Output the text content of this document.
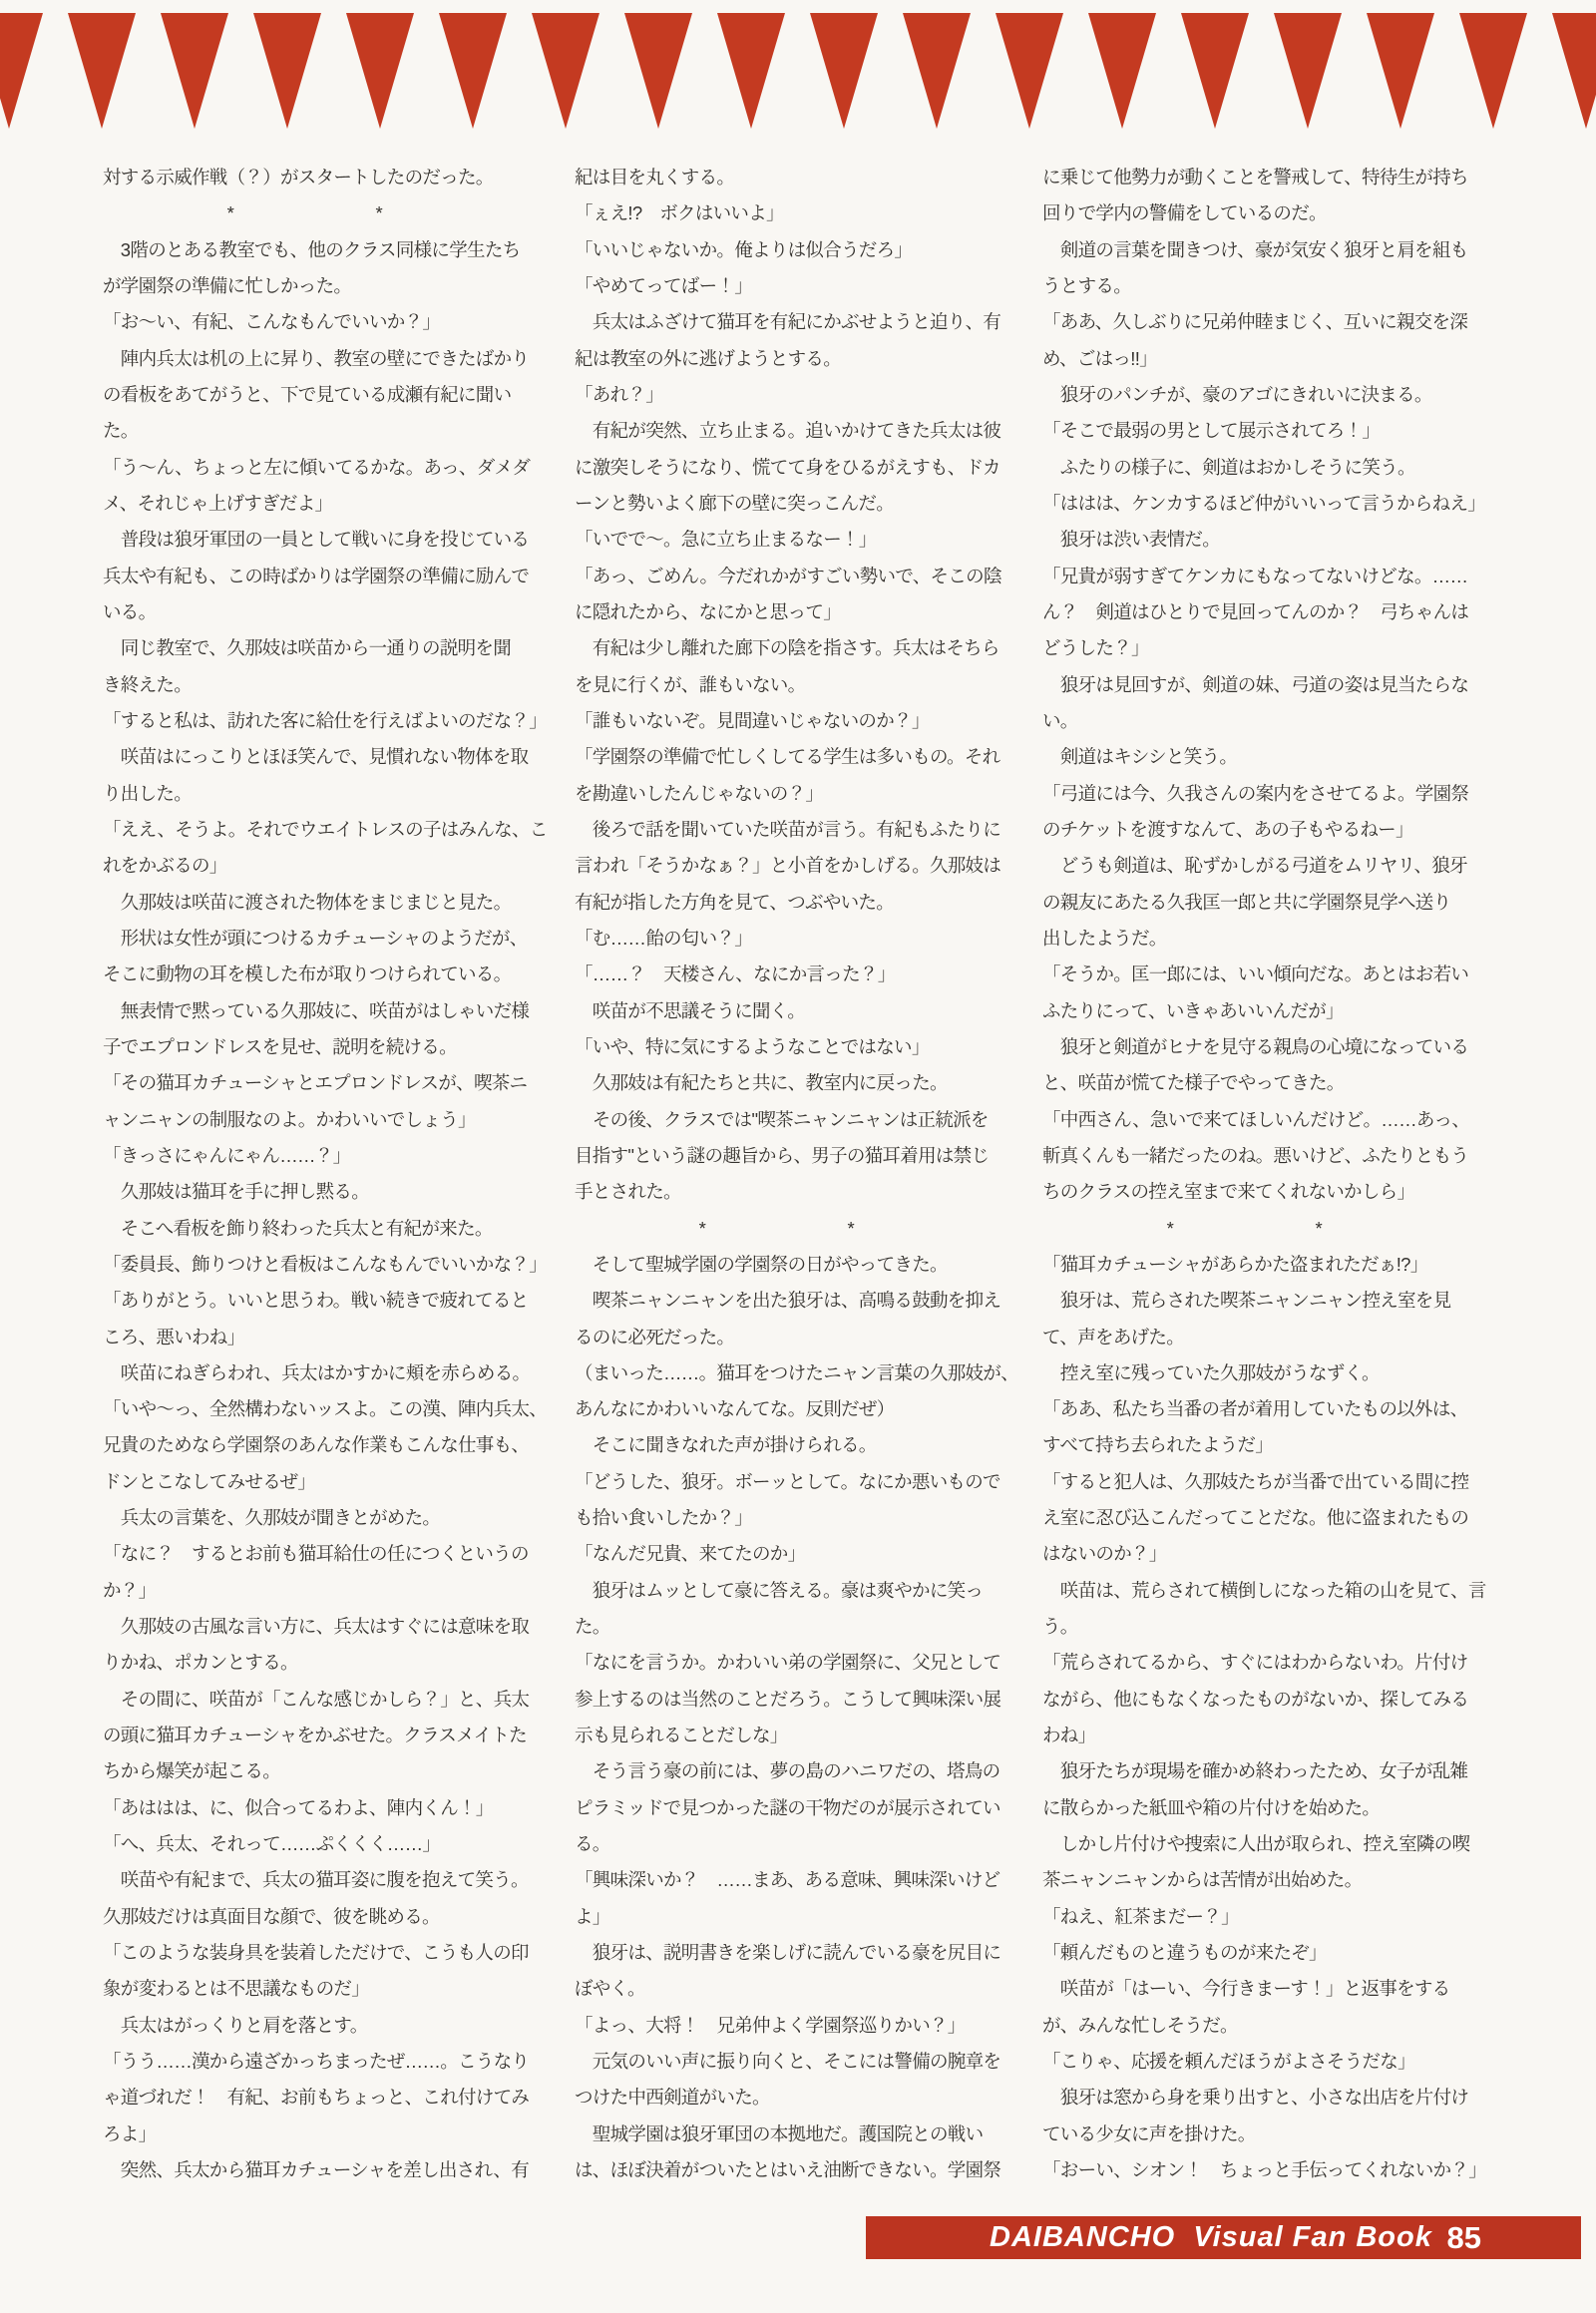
対する示威作戦（？）がスタートしたのだった。
　　　　　　　*　　　　　　　　*
　3階のとある教室でも、他のクラス同様に学生たち
が学園祭の準備に忙しかった。
「お〜い、有紀、こんなもんでいいか？」
　陣内兵太は机の上に昇り、教室の壁にできたばかり
の看板をあてがうと、下で見ている成瀬有紀に聞い
た。
「う〜ん、ちょっと左に傾いてるかな。あっ、ダメダ
メ、それじゃ上げすぎだよ」
　普段は狼牙軍団の一員として戦いに身を投じている
兵太や有紀も、この時ばかりは学園祭の準備に励んで
いる。
　同じ教室で、久那妓は咲苗から一通りの説明を聞
き終えた。
「すると私は、訪れた客に給仕を行えばよいのだな？」
　咲苗はにっこりとほほ笑んで、見慣れない物体を取
り出した。
「ええ、そうよ。それでウエイトレスの子はみんな、こ
れをかぶるの」
　久那妓は咲苗に渡された物体をまじまじと見た。
　形状は女性が頭につけるカチューシャのようだが、
そこに動物の耳を模した布が取りつけられている。
　無表情で黙っている久那妓に、咲苗がはしゃいだ様
子でエプロンドレスを見せ、説明を続ける。
「その猫耳カチューシャとエプロンドレスが、喫茶ニ
ャンニャンの制服なのよ。かわいいでしょう」
「きっさにゃんにゃん……？」
　久那妓は猫耳を手に押し黙る。
　そこへ看板を飾り終わった兵太と有紀が来た。
「委員長、飾りつけと看板はこんなもんでいいかな？」
「ありがとう。いいと思うわ。戦い続きで疲れてると
ころ、悪いわね」
　咲苗にねぎらわれ、兵太はかすかに頬を赤らめる。
「いや〜っ、全然構わないッスよ。この漢、陣内兵太、
兄貴のためなら学園祭のあんな作業もこんな仕事も、
ドンとこなしてみせるぜ」
　兵太の言葉を、久那妓が聞きとがめた。
「なに？　するとお前も猫耳給仕の任につくというの
か？」
　久那妓の古風な言い方に、兵太はすぐには意味を取
りかね、ポカンとする。
　その間に、咲苗が「こんな感じかしら？」と、兵太
の頭に猫耳カチューシャをかぶせた。クラスメイトた
ちから爆笑が起こる。
「あははは、に、似合ってるわよ、陣内くん！」
「へ、兵太、それって……ぷくくく……」
　咲苗や有紀まで、兵太の猫耳姿に腹を抱えて笑う。
久那妓だけは真面目な顔で、彼を眺める。
「このような装身具を装着しただけで、こうも人の印
象が変わるとは不思議なものだ」
　兵太はがっくりと肩を落とす。
「うう……漢から遠ざかっちまったぜ……。こうなり
ゃ道づれだ！　有紀、お前もちょっと、これ付けてみ
ろよ」
　突然、兵太から猫耳カチューシャを差し出され、有
紀は目を丸くする。
「ぇえ!?　ボクはいいよ」
「いいじゃないか。俺よりは似合うだろ」
「やめてってばー！」
　兵太はふざけて猫耳を有紀にかぶせようと迫り、有
紀は教室の外に逃げようとする。
「あれ？」
　有紀が突然、立ち止まる。追いかけてきた兵太は彼
に激突しそうになり、慌てて身をひるがえすも、ドカ
ーンと勢いよく廊下の壁に突っこんだ。
「いでで〜。急に立ち止まるなー！」
「あっ、ごめん。今だれかがすごい勢いで、そこの陰
に隠れたから、なにかと思って」
　有紀は少し離れた廊下の陰を指さす。兵太はそちら
を見に行くが、誰もいない。
「誰もいないぞ。見間違いじゃないのか？」
「学園祭の準備で忙しくしてる学生は多いもの。それ
を勘違いしたんじゃないの？」
　後ろで話を聞いていた咲苗が言う。有紀もふたりに
言われ「そうかなぁ？」と小首をかしげる。久那妓は
有紀が指した方角を見て、つぶやいた。
「む……飴の匂い？」
「……？　天楼さん、なにか言った？」
　咲苗が不思議そうに聞く。
「いや、特に気にするようなことではない」
　久那妓は有紀たちと共に、教室内に戻った。
　その後、クラスでは"喫茶ニャンニャンは正統派を
目指す"という謎の趣旨から、男子の猫耳着用は禁じ
手とされた。
　　　　　　　*　　　　　　　　*
　そして聖城学園の学園祭の日がやってきた。
　喫茶ニャンニャンを出た狼牙は、高鳴る鼓動を抑え
るのに必死だった。
（まいった……。猫耳をつけたニャン言葉の久那妓が、
あんなにかわいいなんてな。反則だぜ）
　そこに聞きなれた声が掛けられる。
「どうした、狼牙。ボーッとして。なにか悪いもので
も拾い食いしたか？」
「なんだ兄貴、来てたのか」
　狼牙はムッとして豪に答える。豪は爽やかに笑っ
た。
「なにを言うか。かわいい弟の学園祭に、父兄として
参上するのは当然のことだろう。こうして興味深い展
示も見られることだしな」
　そう言う豪の前には、夢の島のハニワだの、塔鳥の
ピラミッドで見つかった謎の干物だのが展示されてい
る。
「興味深いか？　……まあ、ある意味、興味深いけど
よ」
　狼牙は、説明書きを楽しげに読んでいる豪を尻目に
ぼやく。
「よっ、大将！　兄弟仲よく学園祭巡りかい？」
　元気のいい声に振り向くと、そこには警備の腕章を
つけた中西剣道がいた。
　聖城学園は狼牙軍団の本拠地だ。護国院との戦い
は、ほぼ決着がついたとはいえ油断できない。学園祭
に乗じて他勢力が動くことを警戒して、特待生が持ち
回りで学内の警備をしているのだ。
　剣道の言葉を聞きつけ、豪が気安く狼牙と肩を組も
うとする。
「ああ、久しぶりに兄弟仲睦まじく、互いに親交を深
め、ごはっ!!」
　狼牙のパンチが、豪のアゴにきれいに決まる。
「そこで最弱の男として展示されてろ！」
　ふたりの様子に、剣道はおかしそうに笑う。
「ははは、ケンカするほど仲がいいって言うからねえ」
　狼牙は渋い表情だ。
「兄貴が弱すぎてケンカにもなってないけどな。……
ん？　剣道はひとりで見回ってんのか？　弓ちゃんは
どうした？」
　狼牙は見回すが、剣道の妹、弓道の姿は見当たらな
い。
　剣道はキシシと笑う。
「弓道には今、久我さんの案内をさせてるよ。学園祭
のチケットを渡すなんて、あの子もやるねー」
　どうも剣道は、恥ずかしがる弓道をムリヤリ、狼牙
の親友にあたる久我匡一郎と共に学園祭見学へ送り
出したようだ。
「そうか。匡一郎には、いい傾向だな。あとはお若い
ふたりにって、いきゃあいいんだが」
　狼牙と剣道がヒナを見守る親鳥の心境になっている
と、咲苗が慌てた様子でやってきた。
「中西さん、急いで来てほしいんだけど。……あっ、
斬真くんも一緒だったのね。悪いけど、ふたりともう
ちのクラスの控え室まで来てくれないかしら」
　　　　　　　*　　　　　　　　*
「猫耳カチューシャがあらかた盗まれただぁ!?」
　狼牙は、荒らされた喫茶ニャンニャン控え室を見
て、声をあげた。
　控え室に残っていた久那妓がうなずく。
「ああ、私たち当番の者が着用していたもの以外は、
すべて持ち去られたようだ」
「すると犯人は、久那妓たちが当番で出ている間に控
え室に忍び込こんだってことだな。他に盗まれたもの
はないのか？」
　咲苗は、荒らされて横倒しになった箱の山を見て、言
う。
「荒らされてるから、すぐにはわからないわ。片付け
ながら、他にもなくなったものがないか、探してみる
わね」
　狼牙たちが現場を確かめ終わったため、女子が乱雑
に散らかった紙皿や箱の片付けを始めた。
　しかし片付けや捜索に人出が取られ、控え室隣の喫
茶ニャンニャンからは苦情が出始めた。
「ねえ、紅茶まだー？」
「頼んだものと違うものが来たぞ」
　咲苗が「はーい、今行きまーす！」と返事をする
が、みんな忙しそうだ。
「こりゃ、応援を頼んだほうがよさそうだな」
　狼牙は窓から身を乗り出すと、小さな出店を片付け
ている少女に声を掛けた。
「おーい、シオン！　ちょっと手伝ってくれないか？」
DAIBANCHO  Visual Fan Book 85
